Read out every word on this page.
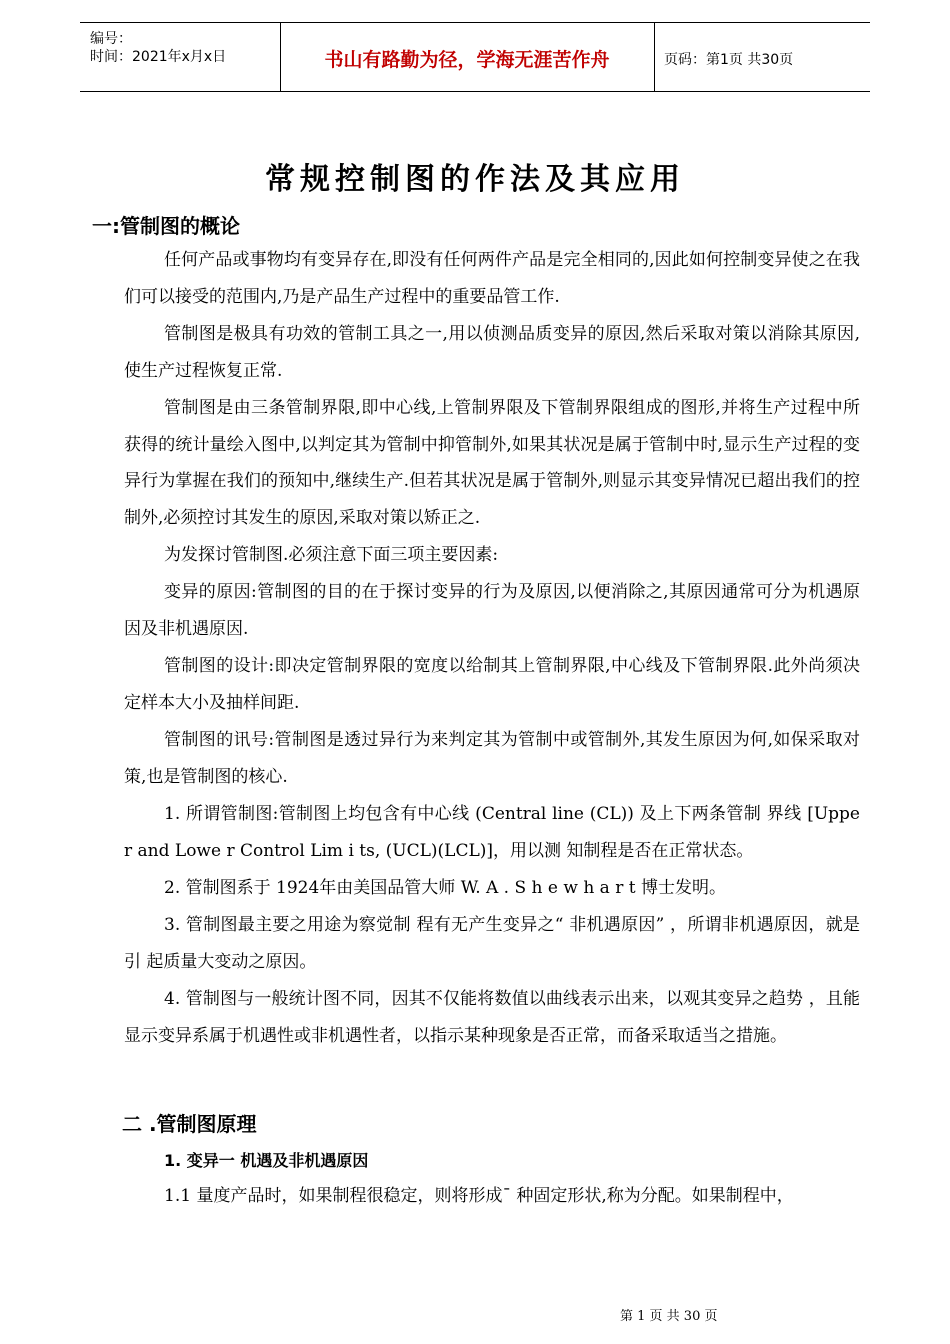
编号：
时间：2021年x月x日	书山有路勤为径，学海无涯苦作舟	页码：第1页 共30页
常规控制图的作法及其应用
一:管制图的概论

任何产品或事物均有变异存在,即没有任何两件产品是完全相同的,因此如何控制变异使之在我们可以接受的范围内,乃是产品生产过程中的重要品管工作.

管制图是极具有功效的管制工具之一,用以侦测品质变异的原因,然后采取对策以消除其原因,使生产过程恢复正常.

管制图是由三条管制界限,即中心线,上管制界限及下管制界限组成的图形,并将生产过程中所获得的统计量绘入图中,以判定其为管制中抑管制外,如果其状况是属于管制中时,显示生产过程的变异行为掌握在我们的预知中,继续生产.但若其状况是属于管制外,则显示其变异情况已超出我们的控制外,必须控讨其发生的原因,采取对策以矫正之.

为发探讨管制图.必须注意下面三项主要因素:

变异的原因:管制图的目的在于探讨变异的行为及原因,以便消除之,其原因通常可分为机遇原因及非机遇原因.

管制图的设计:即决定管制界限的宽度以给制其上管制界限,中心线及下管制界限.此外尚须决定样本大小及抽样间距.

管制图的讯号:管制图是透过异行为来判定其为管制中或管制外,其发生原因为何,如保采取对策,也是管制图的核心.

1. 所谓管制图:管制图上均包含有中心线 (Central line (CL)) 及上下两条管制 界线 [Uppe r and Lowe r Control Lim i ts, (UCL)(LCL)]，用以测 知制程是否在正常状态。

2. 管制图系于 1924年由美国品管大师 W. A . S h e w h a r t 博士发明。

3. 管制图最主要之用途为察觉制 程有无产生变异之“ 非机遇原因” ，所谓非机遇原因，就是引 起质量大变动之原因。

4. 管制图与一般统计图不同，因其不仅能将数值以曲线表示出来，以观其变异之趋势 ，且能显示变异系属于机遇性或非机遇性者，以指示某种现象是否正常，而备采取适当之措施。

二 .管制图原理
1. 变异一 机遇及非机遇原因
1.1 量度产品时，如果制程很稳定，则将形成¯ 种固定形状,称为分配。如果制程中，
第 1 页 共 30 页
